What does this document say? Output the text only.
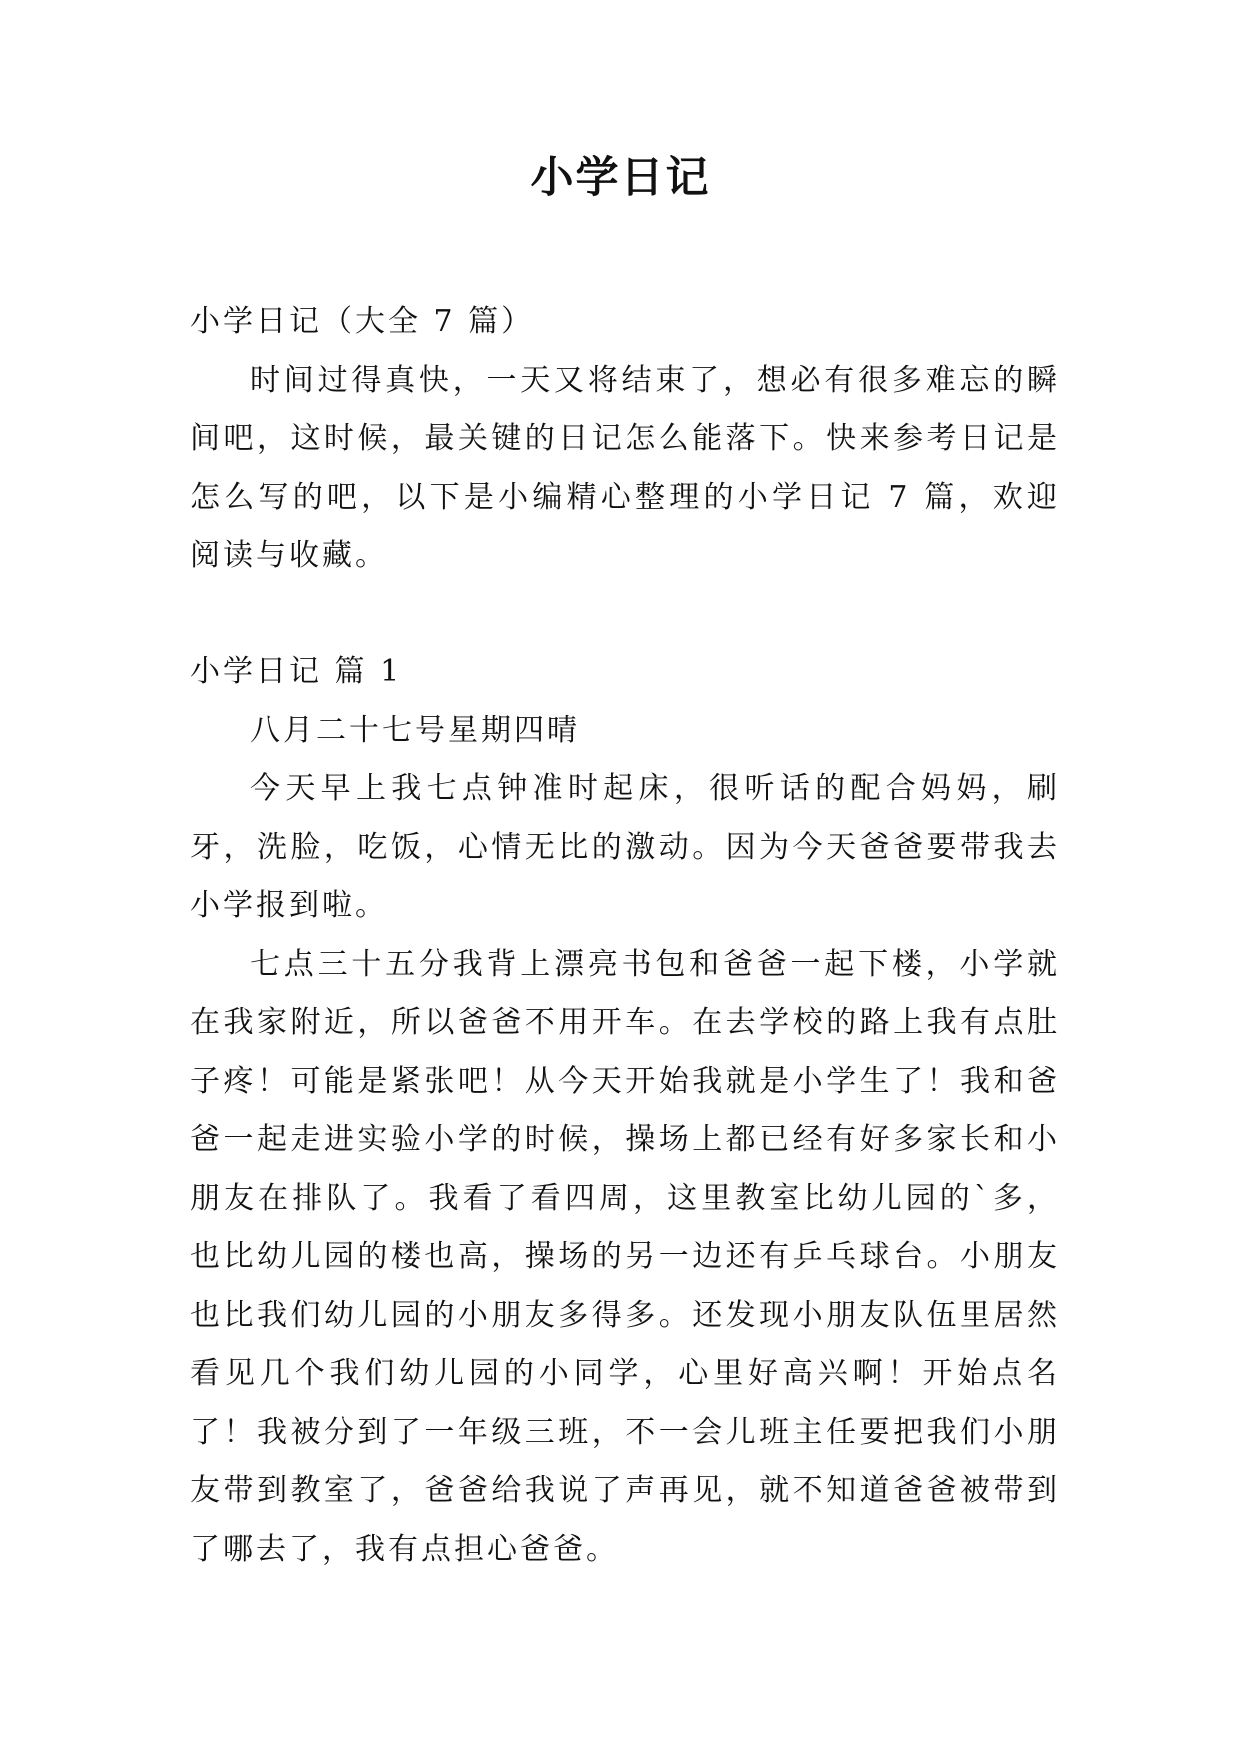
小学日记

小学日记（大全 7 篇）

时间过得真快，一天又将结束了，想必有很多难忘的瞬间吧，这时候，最关键的日记怎么能落下。快来参考日记是怎么写的吧，以下是小编精心整理的小学日记 7 篇，欢迎阅读与收藏。

小学日记 篇 1

八月二十七号星期四晴

今天早上我七点钟准时起床，很听话的配合妈妈，刷牙，洗脸，吃饭，心情无比的激动。因为今天爸爸要带我去小学报到啦。

七点三十五分我背上漂亮书包和爸爸一起下楼，小学就在我家附近，所以爸爸不用开车。在去学校的路上我有点肚子疼！可能是紧张吧！从今天开始我就是小学生了！我和爸爸一起走进实验小学的时候，操场上都已经有好多家长和小朋友在排队了。我看了看四周，这里教室比幼儿园的`多，也比幼儿园的楼也高，操场的另一边还有乒乓球台。小朋友也比我们幼儿园的小朋友多得多。还发现小朋友队伍里居然看见几个我们幼儿园的小同学，心里好高兴啊！开始点名了！我被分到了一年级三班，不一会儿班主任要把我们小朋友带到教室了，爸爸给我说了声再见，就不知道爸爸被带到了哪去了，我有点担心爸爸。
